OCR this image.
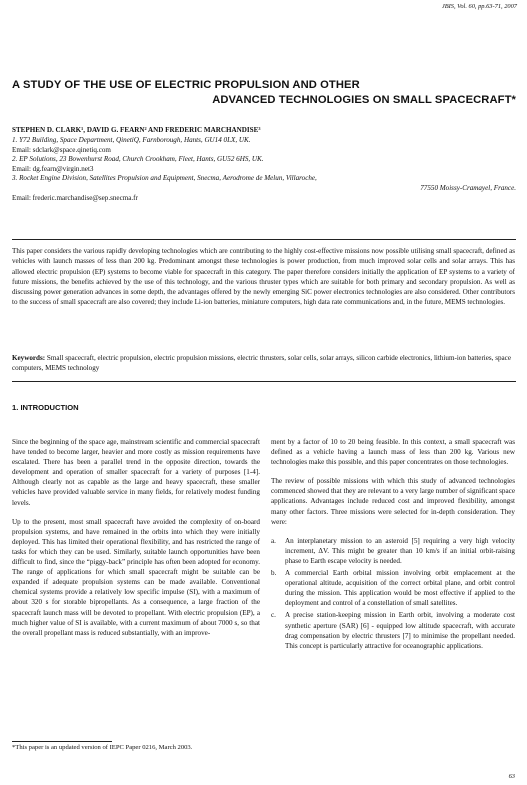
JBIS, Vol. 60, pp.63-71, 2007
A STUDY OF THE USE OF ELECTRIC PROPULSION AND OTHER
ADVANCED TECHNOLOGIES ON SMALL SPACECRAFT*
STEPHEN D. CLARK¹, DAVID G. FEARN² AND FREDERIC MARCHANDISE³
1. Y72 Building, Space Department, QinetiQ, Farnborough, Hants, GU14 0LX, UK.
Email: sdclark@space.qinetiq.com
2. EP Solutions, 23 Bowenhurst Road, Church Crookham, Fleet, Hants, GU52 6HS, UK.
Email: dg.fearn@virgin.net3
3. Rocket Engine Division, Satellites Propulsion and Equipment, Snecma, Aerodrome de Melun, Villaroche,
77550 Moissy-Cramayel, France.
Email: frederic.marchandise@sep.snecma.fr
This paper considers the various rapidly developing technologies which are contributing to the highly cost-effective missions now possible utilising small spacecraft, defined as vehicles with launch masses of less than 200 kg. Predominant amongst these technologies is power production, from much improved solar cells and solar arrays. This has allowed electric propulsion (EP) systems to become viable for spacecraft in this category. The paper therefore considers initially the application of EP systems to a variety of future missions, the benefits achieved by the use of this technology, and the various thruster types which are suitable for both primary and secondary propulsion. As well as discussing power generation advances in some depth, the advantages offered by the newly emerging SiC power electronics technologies are also considered. Other contributors to the success of small spacecraft are also covered; they include Li-ion batteries, miniature computers, high data rate communications and, in the future, MEMS technologies.
Keywords: Small spacecraft, electric propulsion, electric propulsion missions, electric thrusters, solar cells, solar arrays, silicon carbide electronics, lithium-ion batteries, space computers, MEMS technology
1. INTRODUCTION

Since the beginning of the space age, mainstream scientific and commercial spacecraft have tended to become larger, heavier and more costly as mission requirements have escalated. There has been a parallel trend in the opposite direction, towards the development and operation of smaller spacecraft for a variety of purposes [1-4]. Although clearly not as capable as the large and heavy spacecraft, these smaller vehicles have provided valuable service in many fields, for relatively modest funding levels.

Up to the present, most small spacecraft have avoided the complexity of on-board propulsion systems, and have remained in the orbits into which they were initially deployed. This has limited their operational flexibility, and has restricted the range of tasks for which they can be used. Similarly, suitable launch opportunities have been difficult to find, since the “piggy-back” principle has often been adopted for economy. The range of applications for which small spacecraft might be suitable can be expanded if adequate propulsion systems can be made available. Conventional chemical systems provide a relatively low specific impulse (SI), with a maximum of about 320 s for storable bipropellants. As a consequence, a large fraction of the spacecraft launch mass will be devoted to propellant. With electric propulsion (EP), a much higher value of SI is available, with a current maximum of about 7000 s, so that the overall propellant mass is reduced substantially, with an improve-

ment by a factor of 10 to 20 being feasible. In this context, a small spacecraft was defined as a vehicle having a launch mass of less than 200 kg. Various new technologies make this possible, and this paper concentrates on those technologies.

The review of possible missions with which this study of advanced technologies commenced showed that they are relevant to a very large number of significant space applications. Advantages include reduced cost and improved flexibility, amongst many other factors. Three missions were selected for in-depth consideration. They were:

a. An interplanetary mission to an asteroid [5] requiring a very high velocity increment, ΔV. This might be greater than 10 km/s if an initial orbit-raising phase to Earth escape velocity is needed.
b. A commercial Earth orbital mission involving orbit emplacement at the operational altitude, acquisition of the correct orbital plane, and orbit control during the mission. This application would be most effective if applied to the deployment and control of a constellation of small satellites.
c. A precise station-keeping mission in Earth orbit, involving a moderate cost synthetic aperture (SAR) [6] - equipped low altitude spacecraft, with accurate drag compensation by electric thrusters [7] to minimise the propellant needed. This concept is particularly attractive for oceanographic applications.
*This paper is an updated version of IEPC Paper 0216, March 2003.
63
